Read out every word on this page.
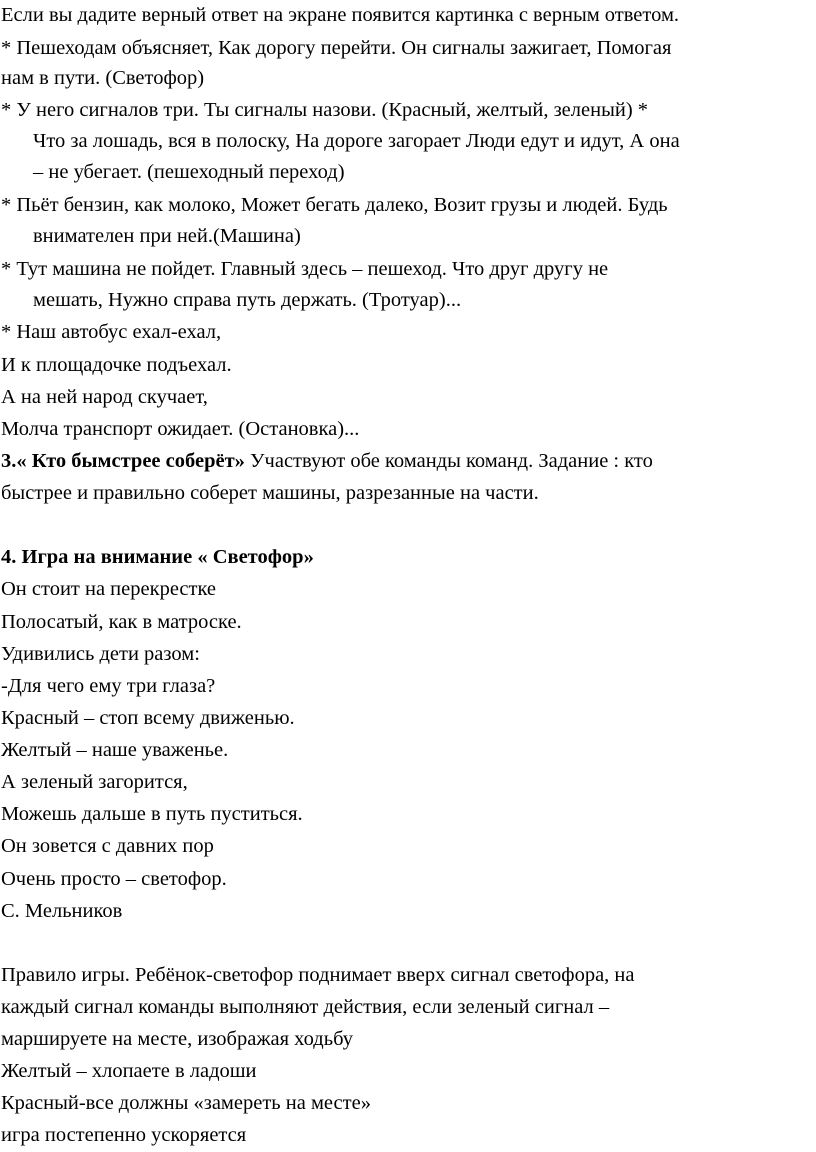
Если вы дадите верный ответ на экране появится картинка с верным ответом.
* Пешеходам объясняет, Как дорогу перейти. Он сигналы зажигает, Помогая
нам в пути. (Светофор)
* У него сигналов три. Ты сигналы назови. (Красный, желтый, зеленый) *
Что за лошадь, вся в полоску, На дороге загорает Люди едут и идут, А она
– не убегает. (пешеходный переход)
* Пьёт бензин, как молоко, Может бегать далеко, Возит грузы и людей. Будь
внимателен при ней.(Машина)
* Тут машина не пойдет. Главный здесь – пешеход. Что друг другу не
мешать, Нужно справа путь держать. (Тротуар)...
* Наш автобус ехал-ехал,
И к площадочке подъехал.
А на ней народ скучает,
Молча транспорт ожидает. (Остановка)...
3.« Кто бымстрее соберёт» Участвуют обе команды команд. Задание : кто
быстрее и правильно соберет машины, разрезанные на части.
4. Игра на внимание « Светофор»
Он стоит на перекрестке
Полосатый, как в матроске.
Удивились дети разом:
-Для чего ему три глаза?
Красный – стоп всему движенью.
Желтый – наше уваженье.
А зеленый загорится,
Можешь дальше в путь пуститься.
Он зовется с давних пор
Очень просто – светофор.
С. Мельников
Правило игры. Ребёнок-светофор поднимает вверх сигнал светофора, на
каждый сигнал команды выполняют действия, если зеленый сигнал –
маршируете на месте, изображая ходьбу
Желтый – хлопаете в ладоши
Красный-все должны «замереть на месте»
игра постепенно ускоряется
